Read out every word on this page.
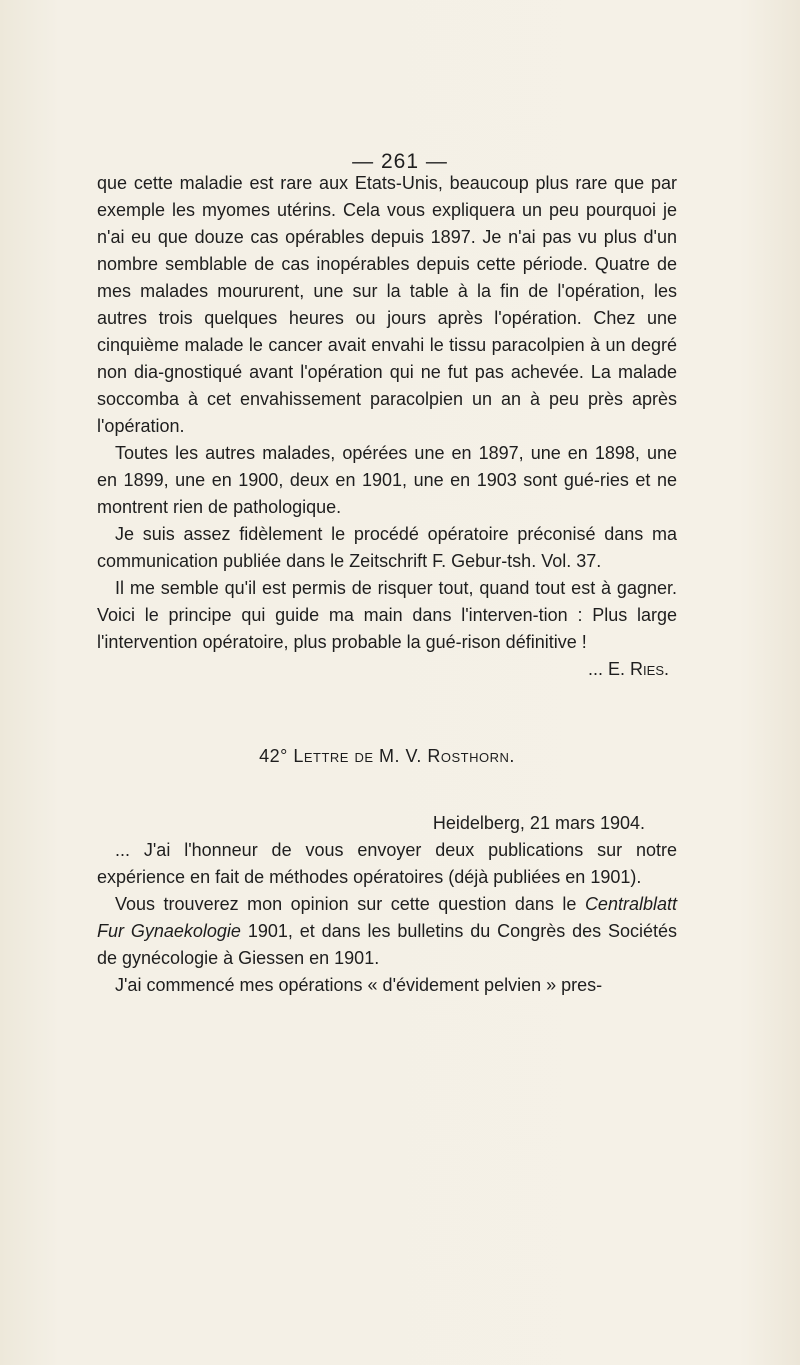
— 261 —

que cette maladie est rare aux Etats-Unis, beaucoup plus rare que par exemple les myomes utérins. Cela vous expliquera un peu pourquoi je n'ai eu que douze cas opérables depuis 1897. Je n'ai pas vu plus d'un nombre semblable de cas inopérables depuis cette période. Quatre de mes malades moururent, une sur la table à la fin de l'opération, les autres trois quelques heures ou jours après l'opération. Chez une cinquième malade le cancer avait envahi le tissu paracolpien à un degré non dia-gnostiqué avant l'opération qui ne fut pas achevée. La malade soccomba à cet envahissement paracolpien un an à peu près après l'opération.

Toutes les autres malades, opérées une en 1897, une en 1898, une en 1899, une en 1900, deux en 1901, une en 1903 sont gué-ries et ne montrent rien de pathologique.

Je suis assez fidèlement le procédé opératoire préconisé dans ma communication publiée dans le Zeitschrift F. Gebur-tsh. Vol. 37.

Il me semble qu'il est permis de risquer tout, quand tout est à gagner. Voici le principe qui guide ma main dans l'interven-tion : Plus large l'intervention opératoire, plus probable la gué-rison définitive !

... E. Ries.

42° Lettre de M. V. Rosthorn.

Heidelberg, 21 mars 1904.

... J'ai l'honneur de vous envoyer deux publications sur notre expérience en fait de méthodes opératoires (déjà publiées en 1901).

Vous trouverez mon opinion sur cette question dans le Centralblatt Fur Gynaekologie 1901, et dans les bulletins du Congrès des Sociétés de gynécologie à Giessen en 1901.

J'ai commencé mes opérations « d'évidement pelvien » pres-
